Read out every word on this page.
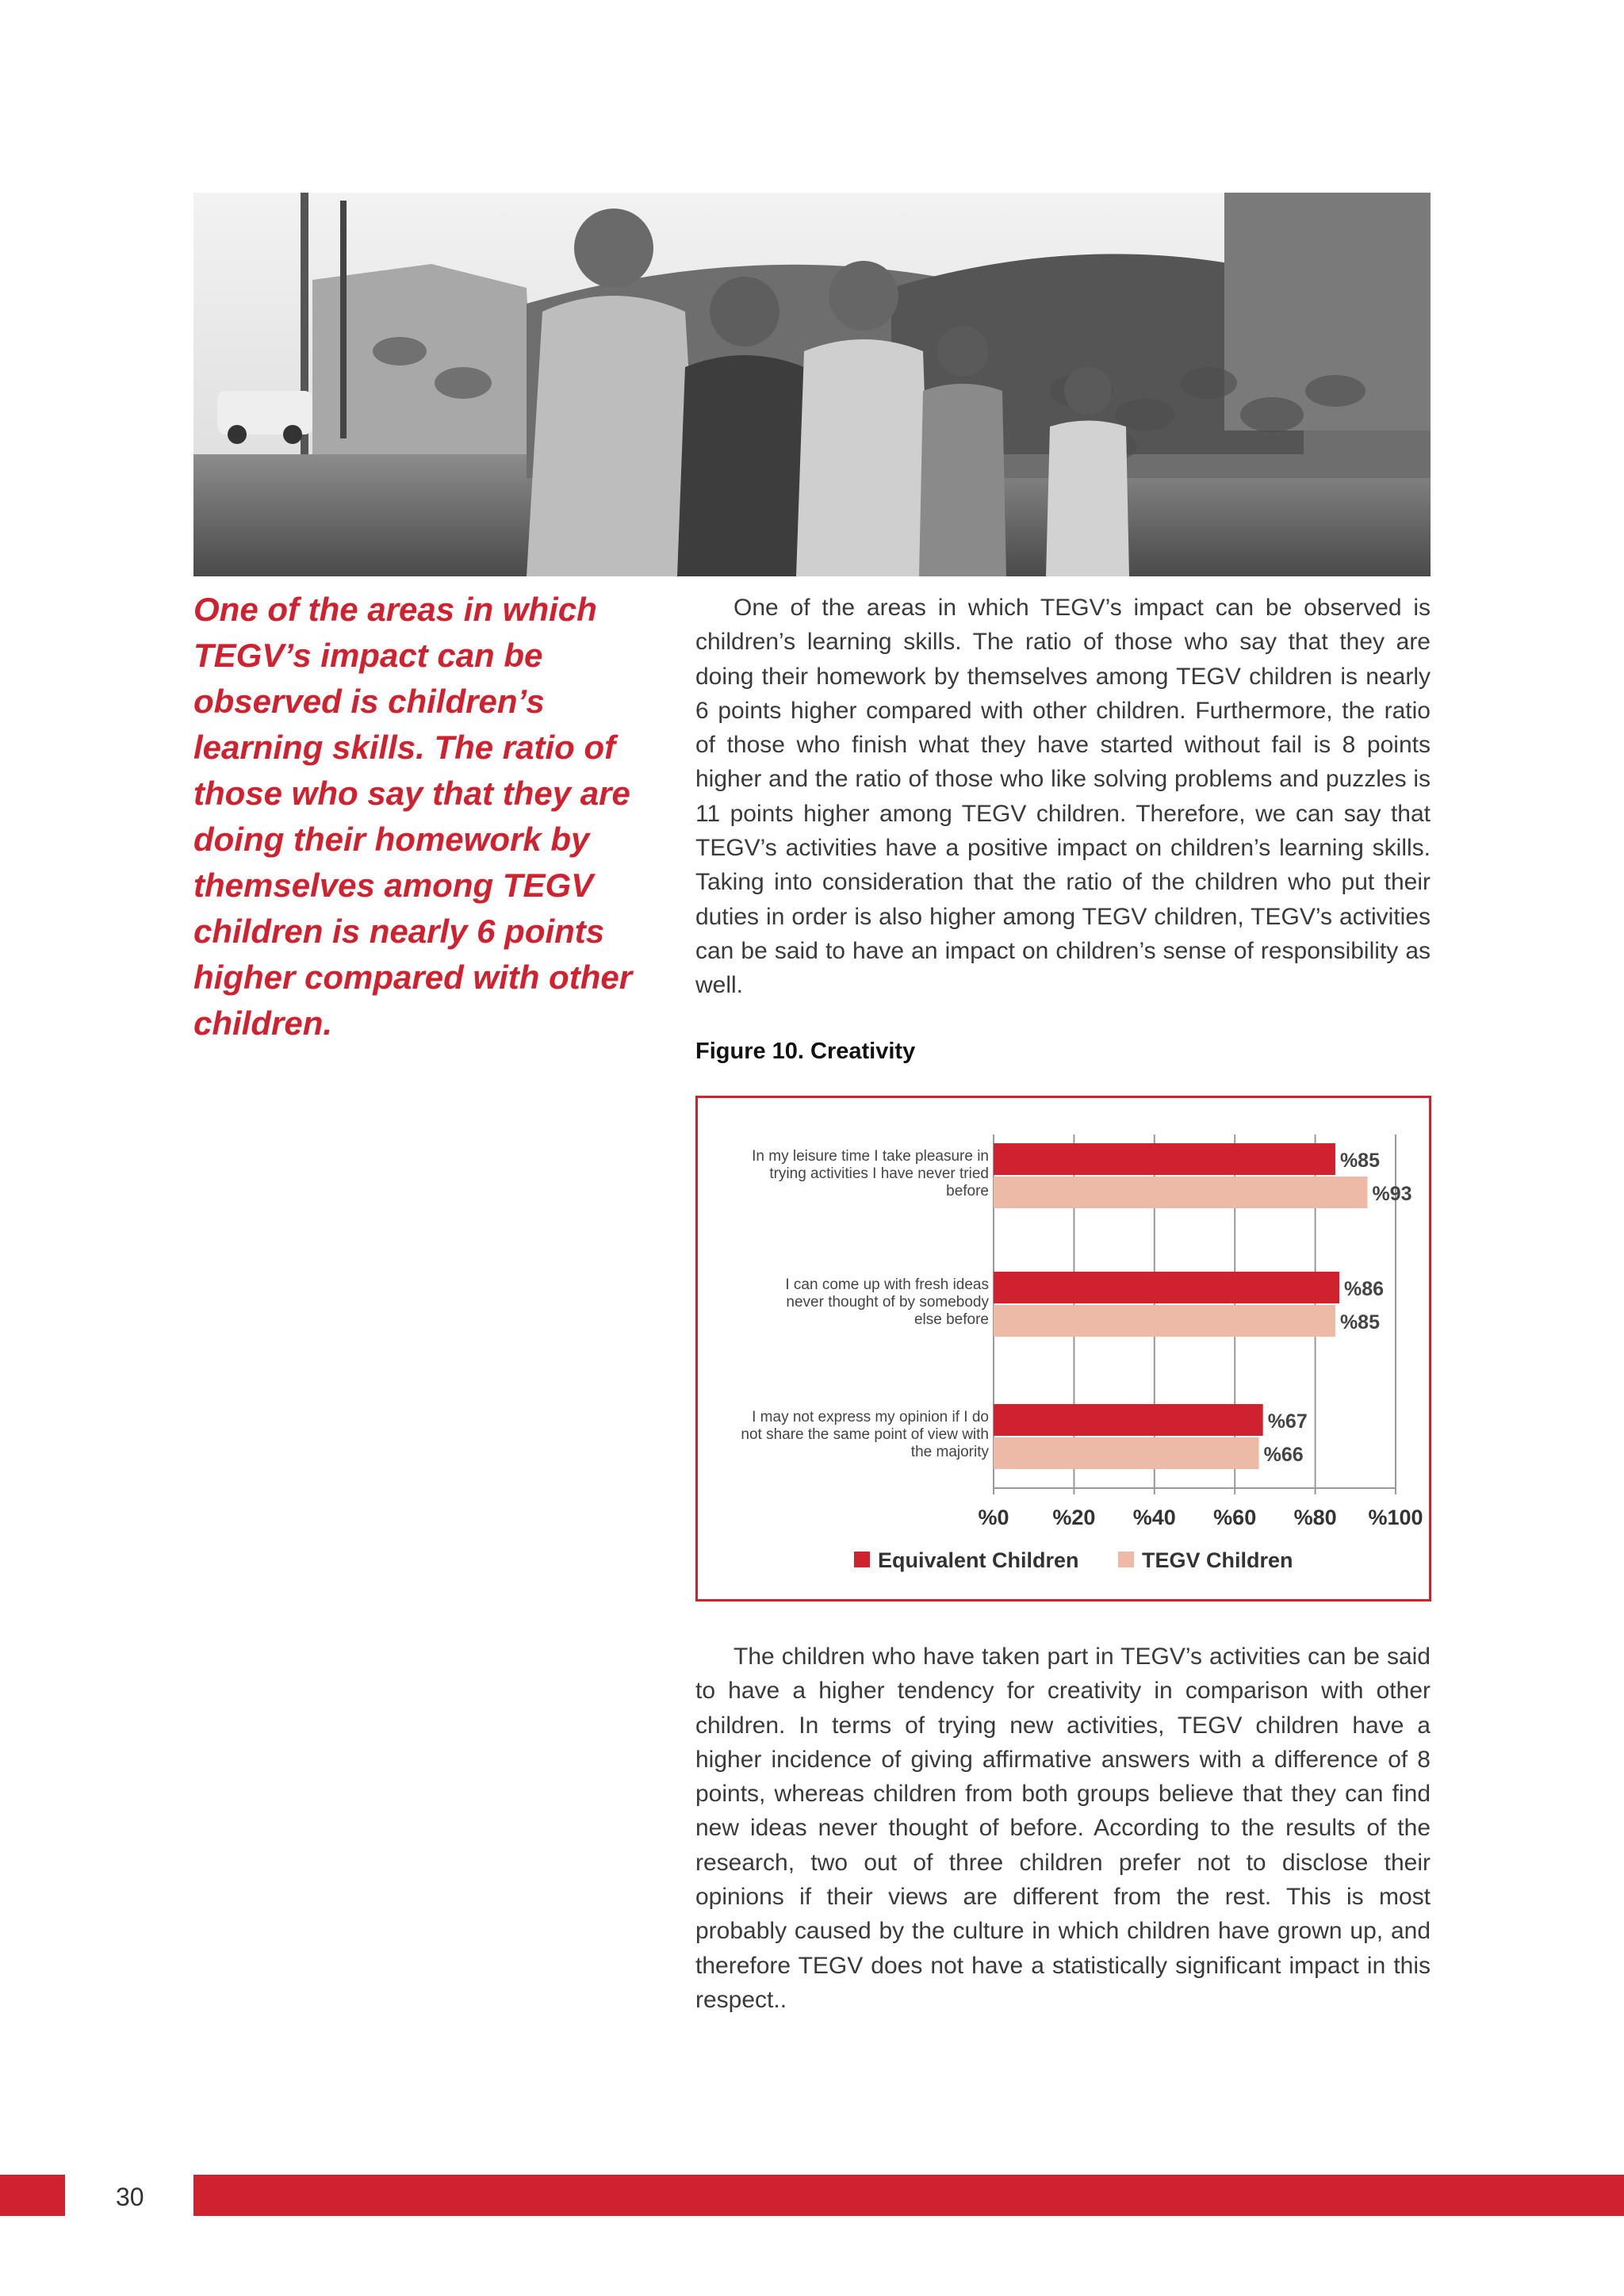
One of the areas in which TEGV’s impact can be observed is children’s learning skills. The ratio of those who say that they are doing their homework by themselves among TEGV children is nearly 6 points higher compared with other children.
One of the areas in which TEGV’s impact can be observed is children’s learning skills. The ratio of those who say that they are doing their homework by themselves among TEGV children is nearly 6 points higher compared with other children. Furthermore, the ratio of those who finish what they have started without fail is 8 points higher and the ratio of those who like solving problems and puzzles is 11 points higher among TEGV children. Therefore, we can say that TEGV’s activities have a positive impact on children’s learning skills. Taking into consideration that the ratio of the children who put their duties in order is also higher among TEGV children, TEGV’s activities can be said to have an impact on children’s sense of responsibility as well.
Figure 10. Creativity
%0 %20 %40 %60 %80 %100
In my leisure time I take pleasure in
trying activities I have never tried
before
%85
%93
I can come up with fresh ideas
never thought of by somebody
else before
%86
%85
I may not express my opinion if I do
not share the same point of view with
the majority
%67
%66
Equivalent Children	TEGV Children
The children who have taken part in TEGV’s activities can be said to have a higher tendency for creativity in comparison with other children. In terms of trying new activities, TEGV children have a higher incidence of giving affirmative answers with a difference of 8 points, whereas children from both groups believe that they can find new ideas never thought of before. According to the results of the research, two out of three children prefer not to disclose their opinions if their views are different from the rest. This is most probably caused by the culture in which children have grown up, and therefore TEGV does not have a statistically significant impact in this respect..
30
